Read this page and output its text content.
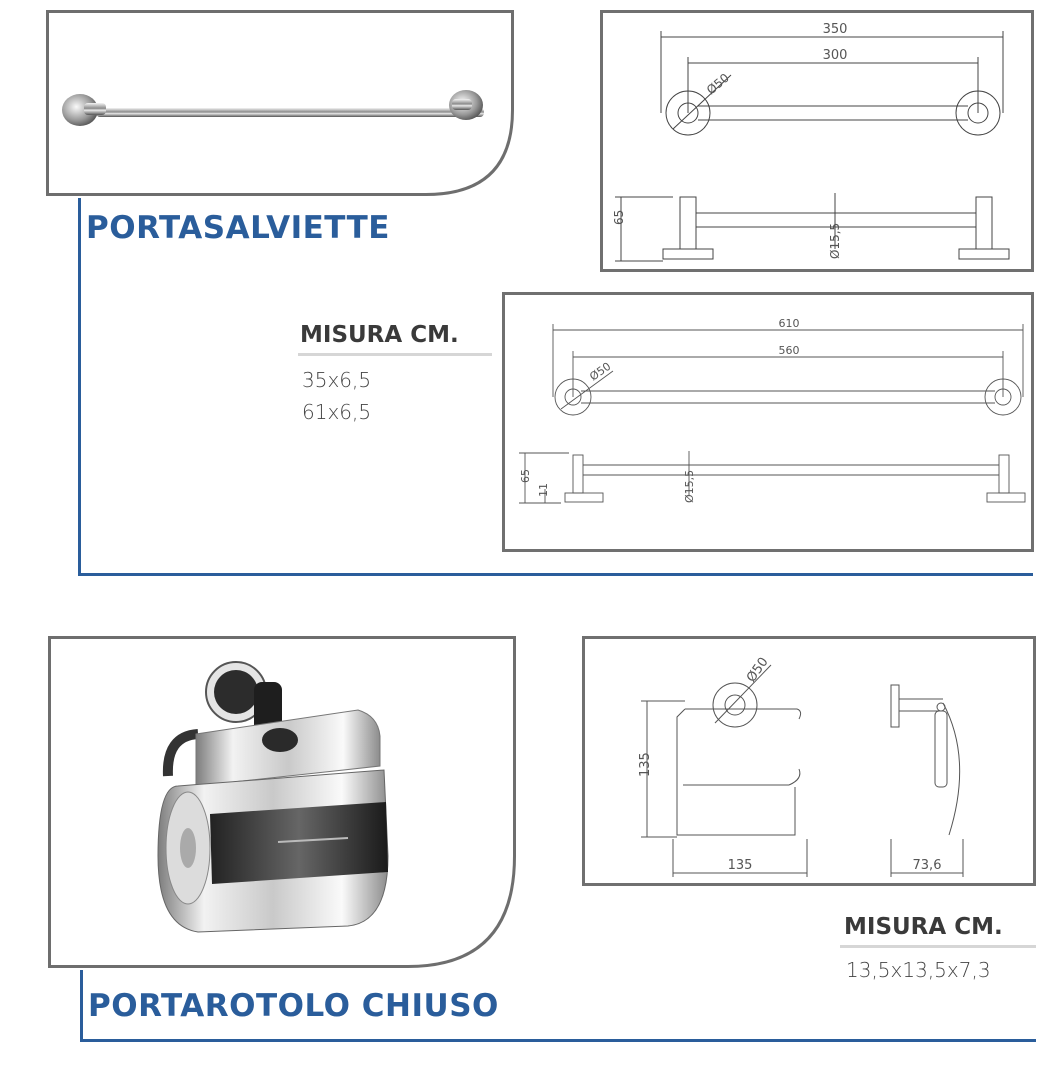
PORTASALVIETTE
MISURA CM.
35x6,5
61x6,5
350
300
Ø50
65
Ø15,5
610
560
Ø50
65
11	Ø15,5
PORTAROTOLO CHIUSO
Ø50
135
135	73,6
MISURA CM.
13,5x13,5x7,3
